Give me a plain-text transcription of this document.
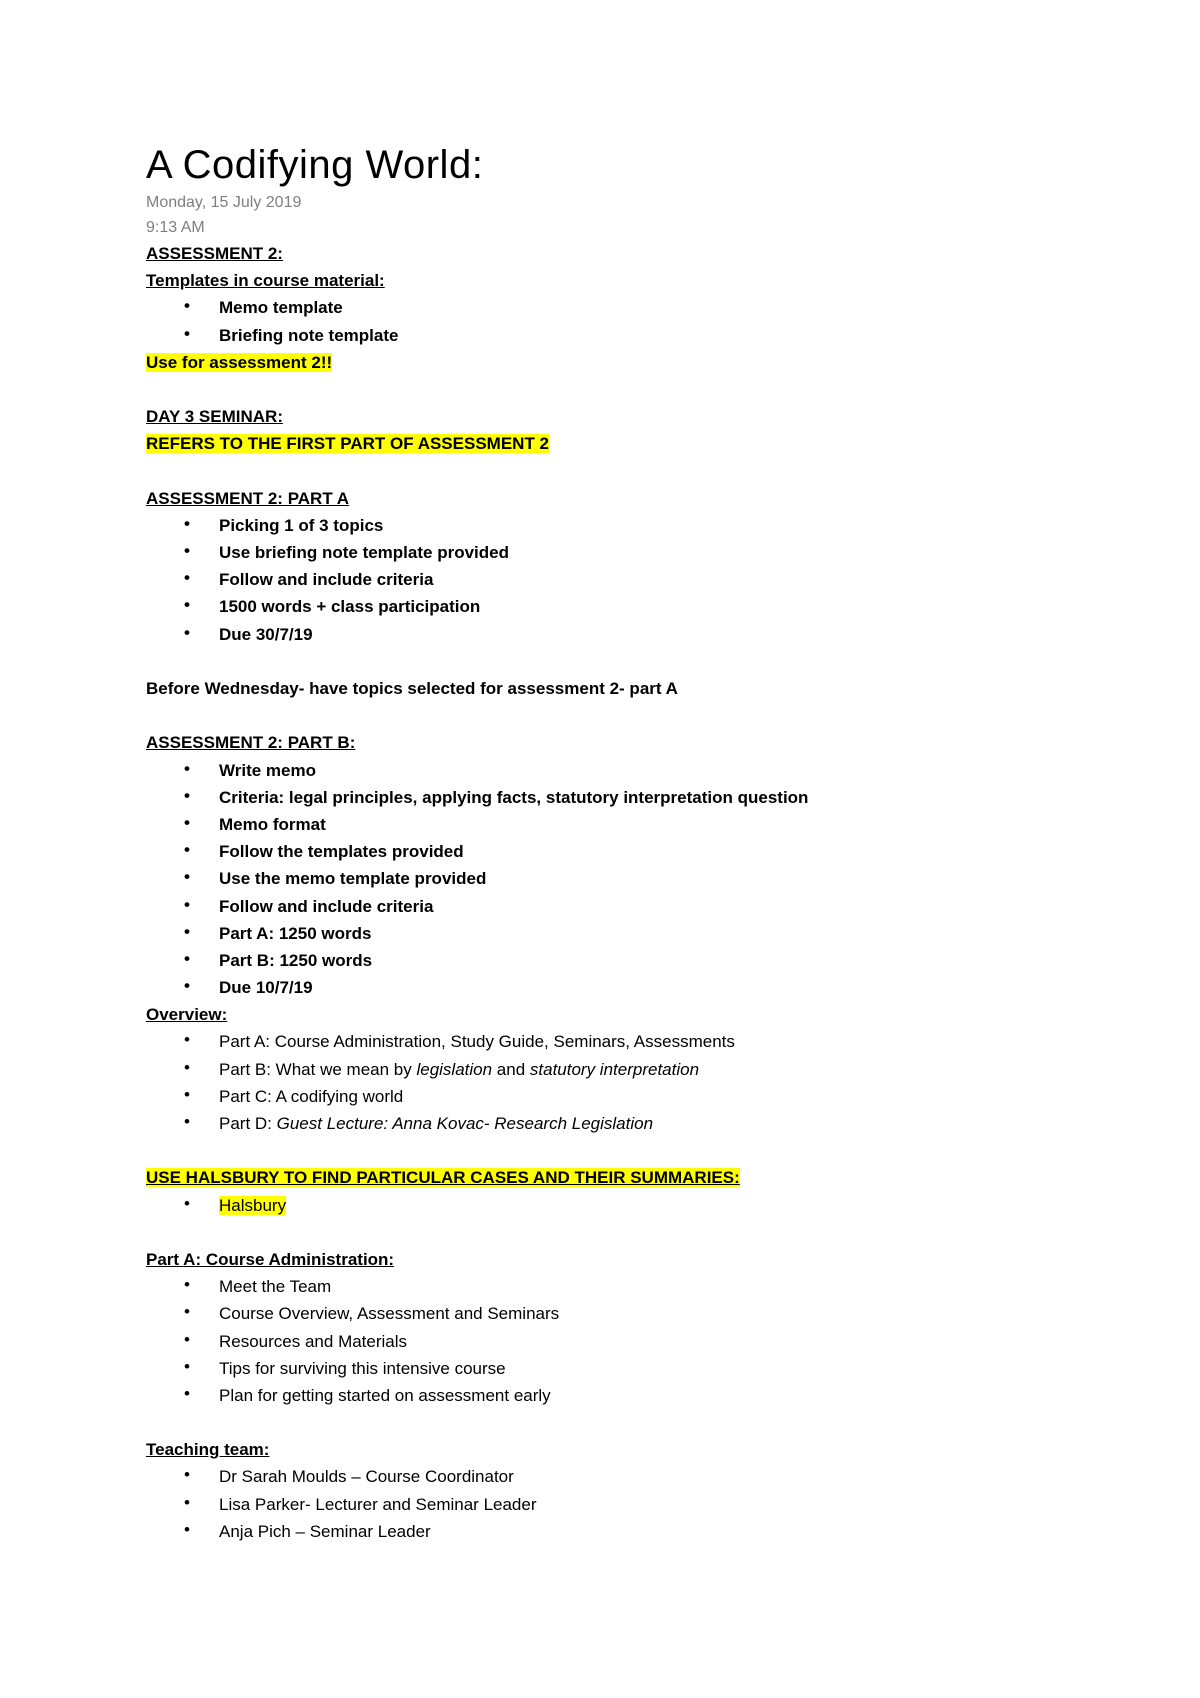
A Codifying World:
Monday, 15 July 2019
9:13 AM
ASSESSMENT 2:
Templates in course material:
• Memo template
• Briefing note template
Use for assessment 2!!
DAY 3 SEMINAR:
REFERS TO THE FIRST PART OF ASSESSMENT 2
ASSESSMENT 2: PART A
• Picking 1 of 3 topics
• Use briefing note template provided
• Follow and include criteria
• 1500 words + class participation
• Due 30/7/19
Before Wednesday- have topics selected for assessment 2- part A
ASSESSMENT 2: PART B:
• Write memo
• Criteria: legal principles, applying facts, statutory interpretation question
• Memo format
• Follow the templates provided
• Use the memo template provided
• Follow and include criteria
• Part A: 1250 words
• Part B: 1250 words
• Due 10/7/19
Overview:
• Part A: Course Administration, Study Guide, Seminars, Assessments
• Part B: What we mean by legislation and statutory interpretation
• Part C: A codifying world
• Part D: Guest Lecture: Anna Kovac- Research Legislation
USE HALSBURY TO FIND PARTICULAR CASES AND THEIR SUMMARIES:
• Halsbury
Part A: Course Administration:
• Meet the Team
• Course Overview, Assessment and Seminars
• Resources and Materials
• Tips for surviving this intensive course
• Plan for getting started on assessment early
Teaching team:
• Dr Sarah Moulds – Course Coordinator
• Lisa Parker- Lecturer and Seminar Leader
• Anja Pich – Seminar Leader
